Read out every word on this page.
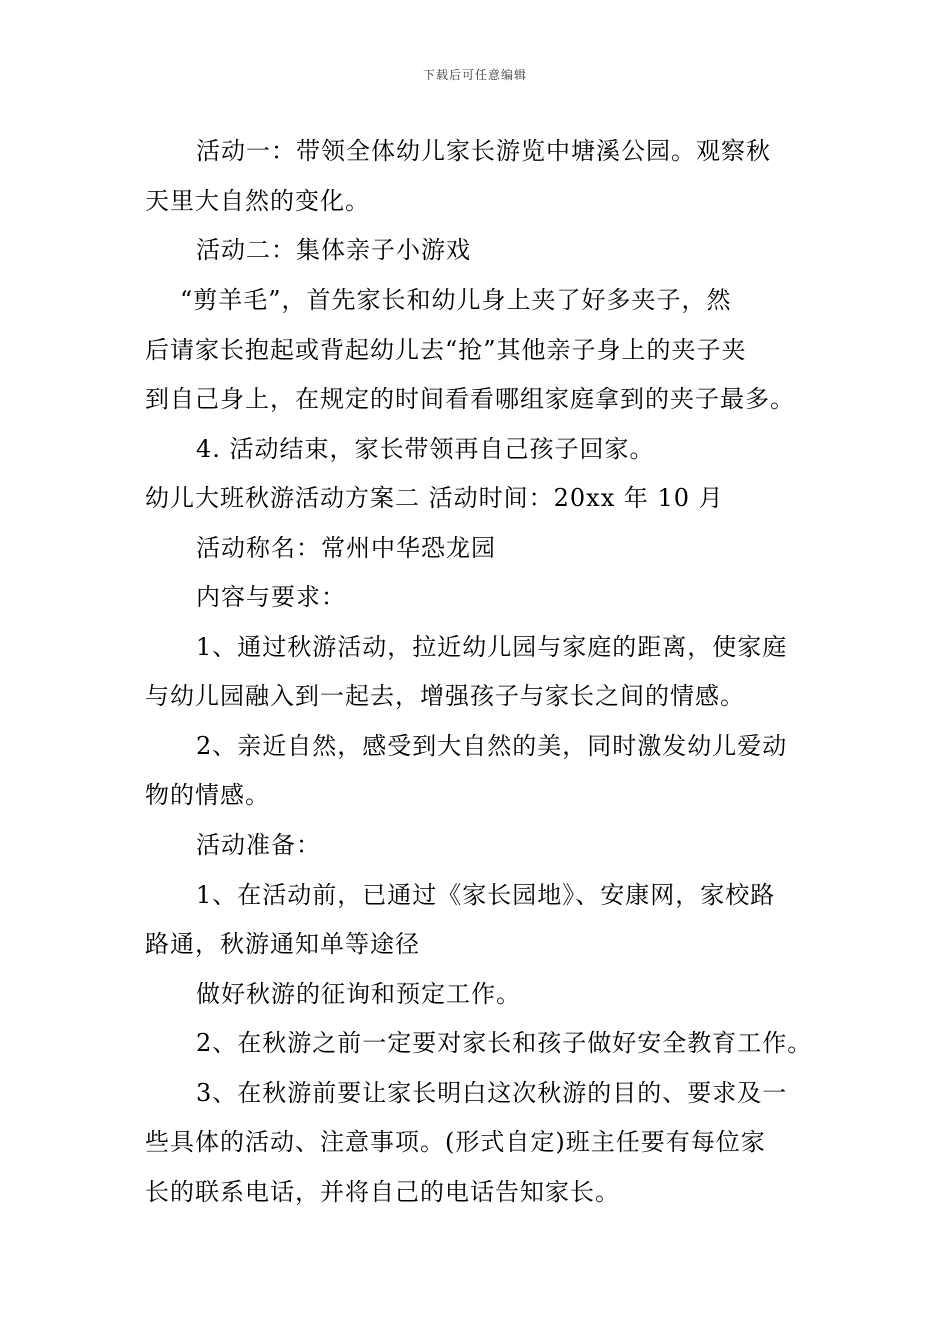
下载后可任意编辑
活动一：带领全体幼儿家长游览中塘溪公园。观察秋
天里大自然的变化。
活动二：集体亲子小游戏
“剪羊毛”，首先家长和幼儿身上夹了好多夹子，然
后请家长抱起或背起幼儿去“抢”其他亲子身上的夹子夹
到自己身上，在规定的时间看看哪组家庭拿到的夹子最多。
4. 活动结束，家长带领再自己孩子回家。
幼儿大班秋游活动方案二 活动时间：20xx 年 10 月
活动称名：常州中华恐龙园
内容与要求：
1、通过秋游活动，拉近幼儿园与家庭的距离，使家庭
与幼儿园融入到一起去，增强孩子与家长之间的情感。
2、亲近自然，感受到大自然的美，同时激发幼儿爱动
物的情感。
活动准备：
1、在活动前，已通过《家长园地》、安康网，家校路
路通，秋游通知单等途径
做好秋游的征询和预定工作。
2、在秋游之前一定要对家长和孩子做好安全教育工作。
3、在秋游前要让家长明白这次秋游的目的、要求及一
些具体的活动、注意事项。(形式自定)班主任要有每位家
长的联系电话，并将自己的电话告知家长。
